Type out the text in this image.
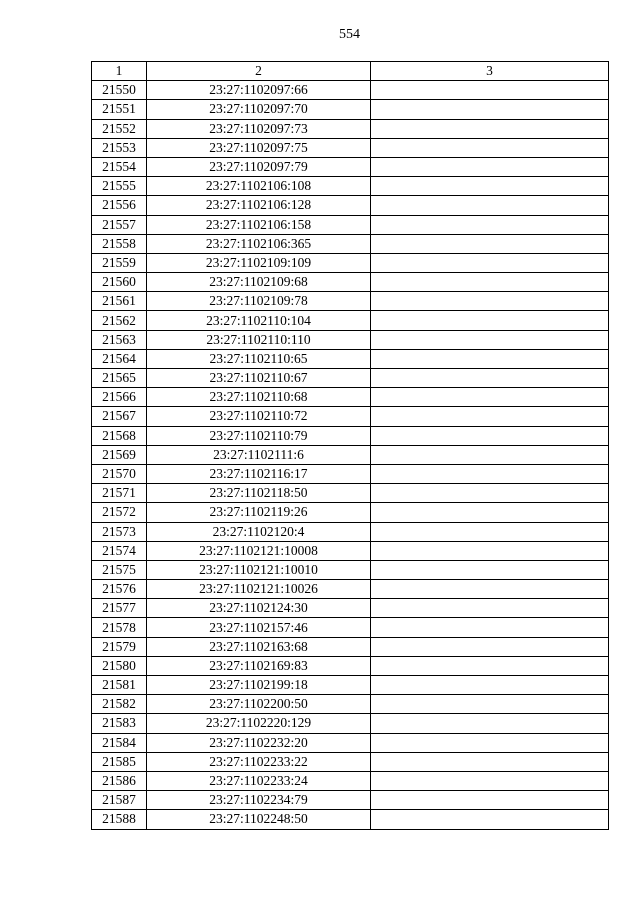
554
1	2	3
21550	23:27:1102097:66	
21551	23:27:1102097:70	
21552	23:27:1102097:73	
21553	23:27:1102097:75	
21554	23:27:1102097:79	
21555	23:27:1102106:108	
21556	23:27:1102106:128	
21557	23:27:1102106:158	
21558	23:27:1102106:365	
21559	23:27:1102109:109	
21560	23:27:1102109:68	
21561	23:27:1102109:78	
21562	23:27:1102110:104	
21563	23:27:1102110:110	
21564	23:27:1102110:65	
21565	23:27:1102110:67	
21566	23:27:1102110:68	
21567	23:27:1102110:72	
21568	23:27:1102110:79	
21569	23:27:1102111:6	
21570	23:27:1102116:17	
21571	23:27:1102118:50	
21572	23:27:1102119:26	
21573	23:27:1102120:4	
21574	23:27:1102121:10008	
21575	23:27:1102121:10010	
21576	23:27:1102121:10026	
21577	23:27:1102124:30	
21578	23:27:1102157:46	
21579	23:27:1102163:68	
21580	23:27:1102169:83	
21581	23:27:1102199:18	
21582	23:27:1102200:50	
21583	23:27:1102220:129	
21584	23:27:1102232:20	
21585	23:27:1102233:22	
21586	23:27:1102233:24	
21587	23:27:1102234:79	
21588	23:27:1102248:50	
